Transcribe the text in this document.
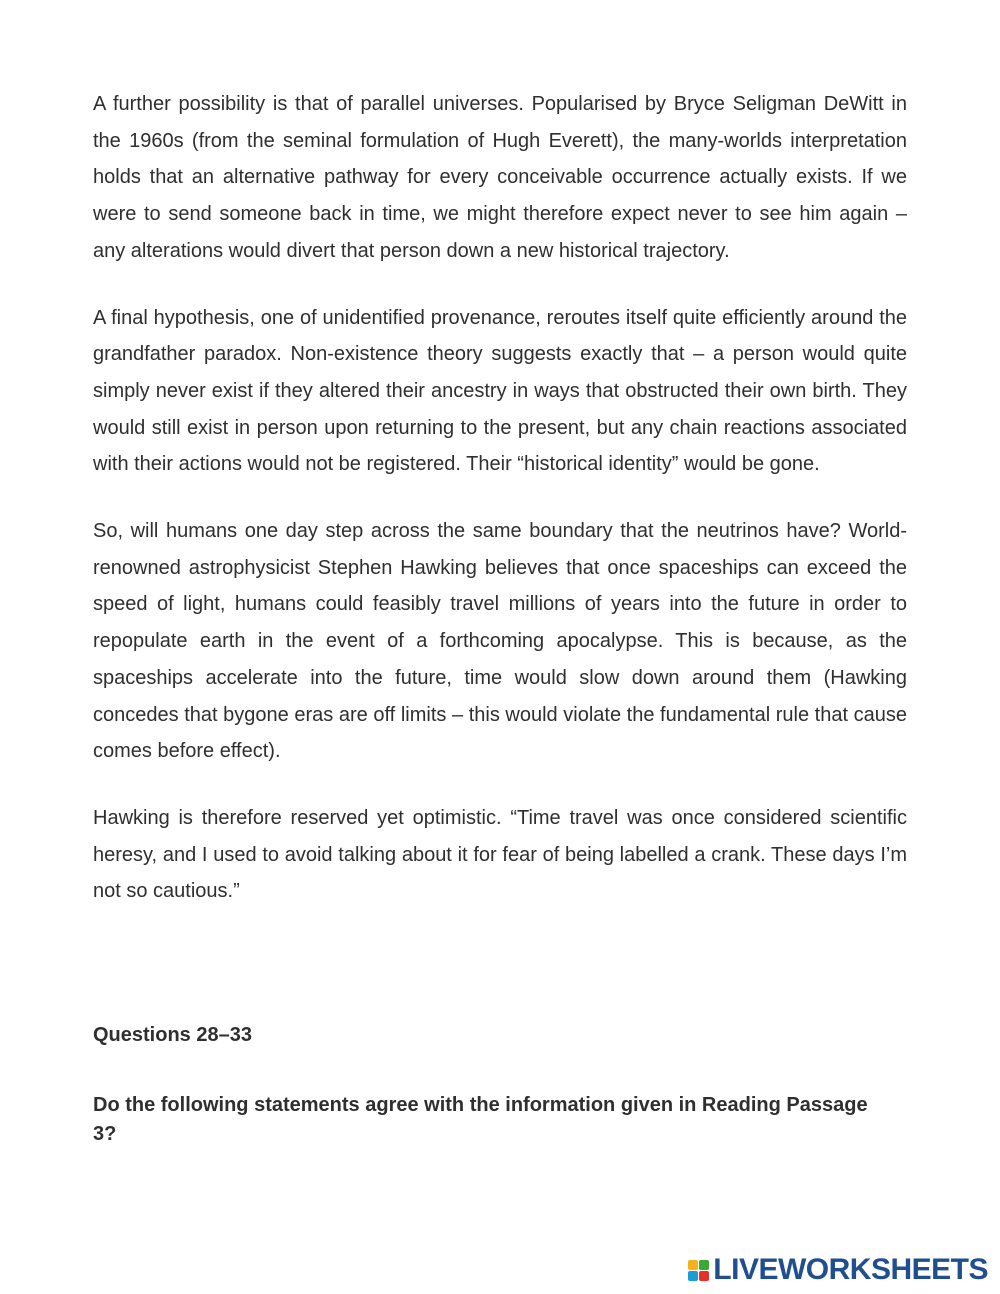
A further possibility is that of parallel universes. Popularised by Bryce Seligman DeWitt in the 1960s (from the seminal formulation of Hugh Everett), the many-worlds interpretation holds that an alternative pathway for every conceivable occurrence actually exists. If we were to send someone back in time, we might therefore expect never to see him again – any alterations would divert that person down a new historical trajectory.

A final hypothesis, one of unidentified provenance, reroutes itself quite efficiently around the grandfather paradox. Non-existence theory suggests exactly that – a person would quite simply never exist if they altered their ancestry in ways that obstructed their own birth. They would still exist in person upon returning to the present, but any chain reactions associated with their actions would not be registered. Their “historical identity” would be gone.

So, will humans one day step across the same boundary that the neutrinos have? World-renowned astrophysicist Stephen Hawking believes that once spaceships can exceed the speed of light, humans could feasibly travel millions of years into the future in order to repopulate earth in the event of a forthcoming apocalypse. This is because, as the spaceships accelerate into the future, time would slow down around them (Hawking concedes that bygone eras are off limits – this would violate the fundamental rule that cause comes before effect).

Hawking is therefore reserved yet optimistic. “Time travel was once considered scientific heresy, and I used to avoid talking about it for fear of being labelled a crank. These days I’m not so cautious.”

Questions 28–33

Do the following statements agree with the information given in Reading Passage 3?

LIVEWORKSHEETS
